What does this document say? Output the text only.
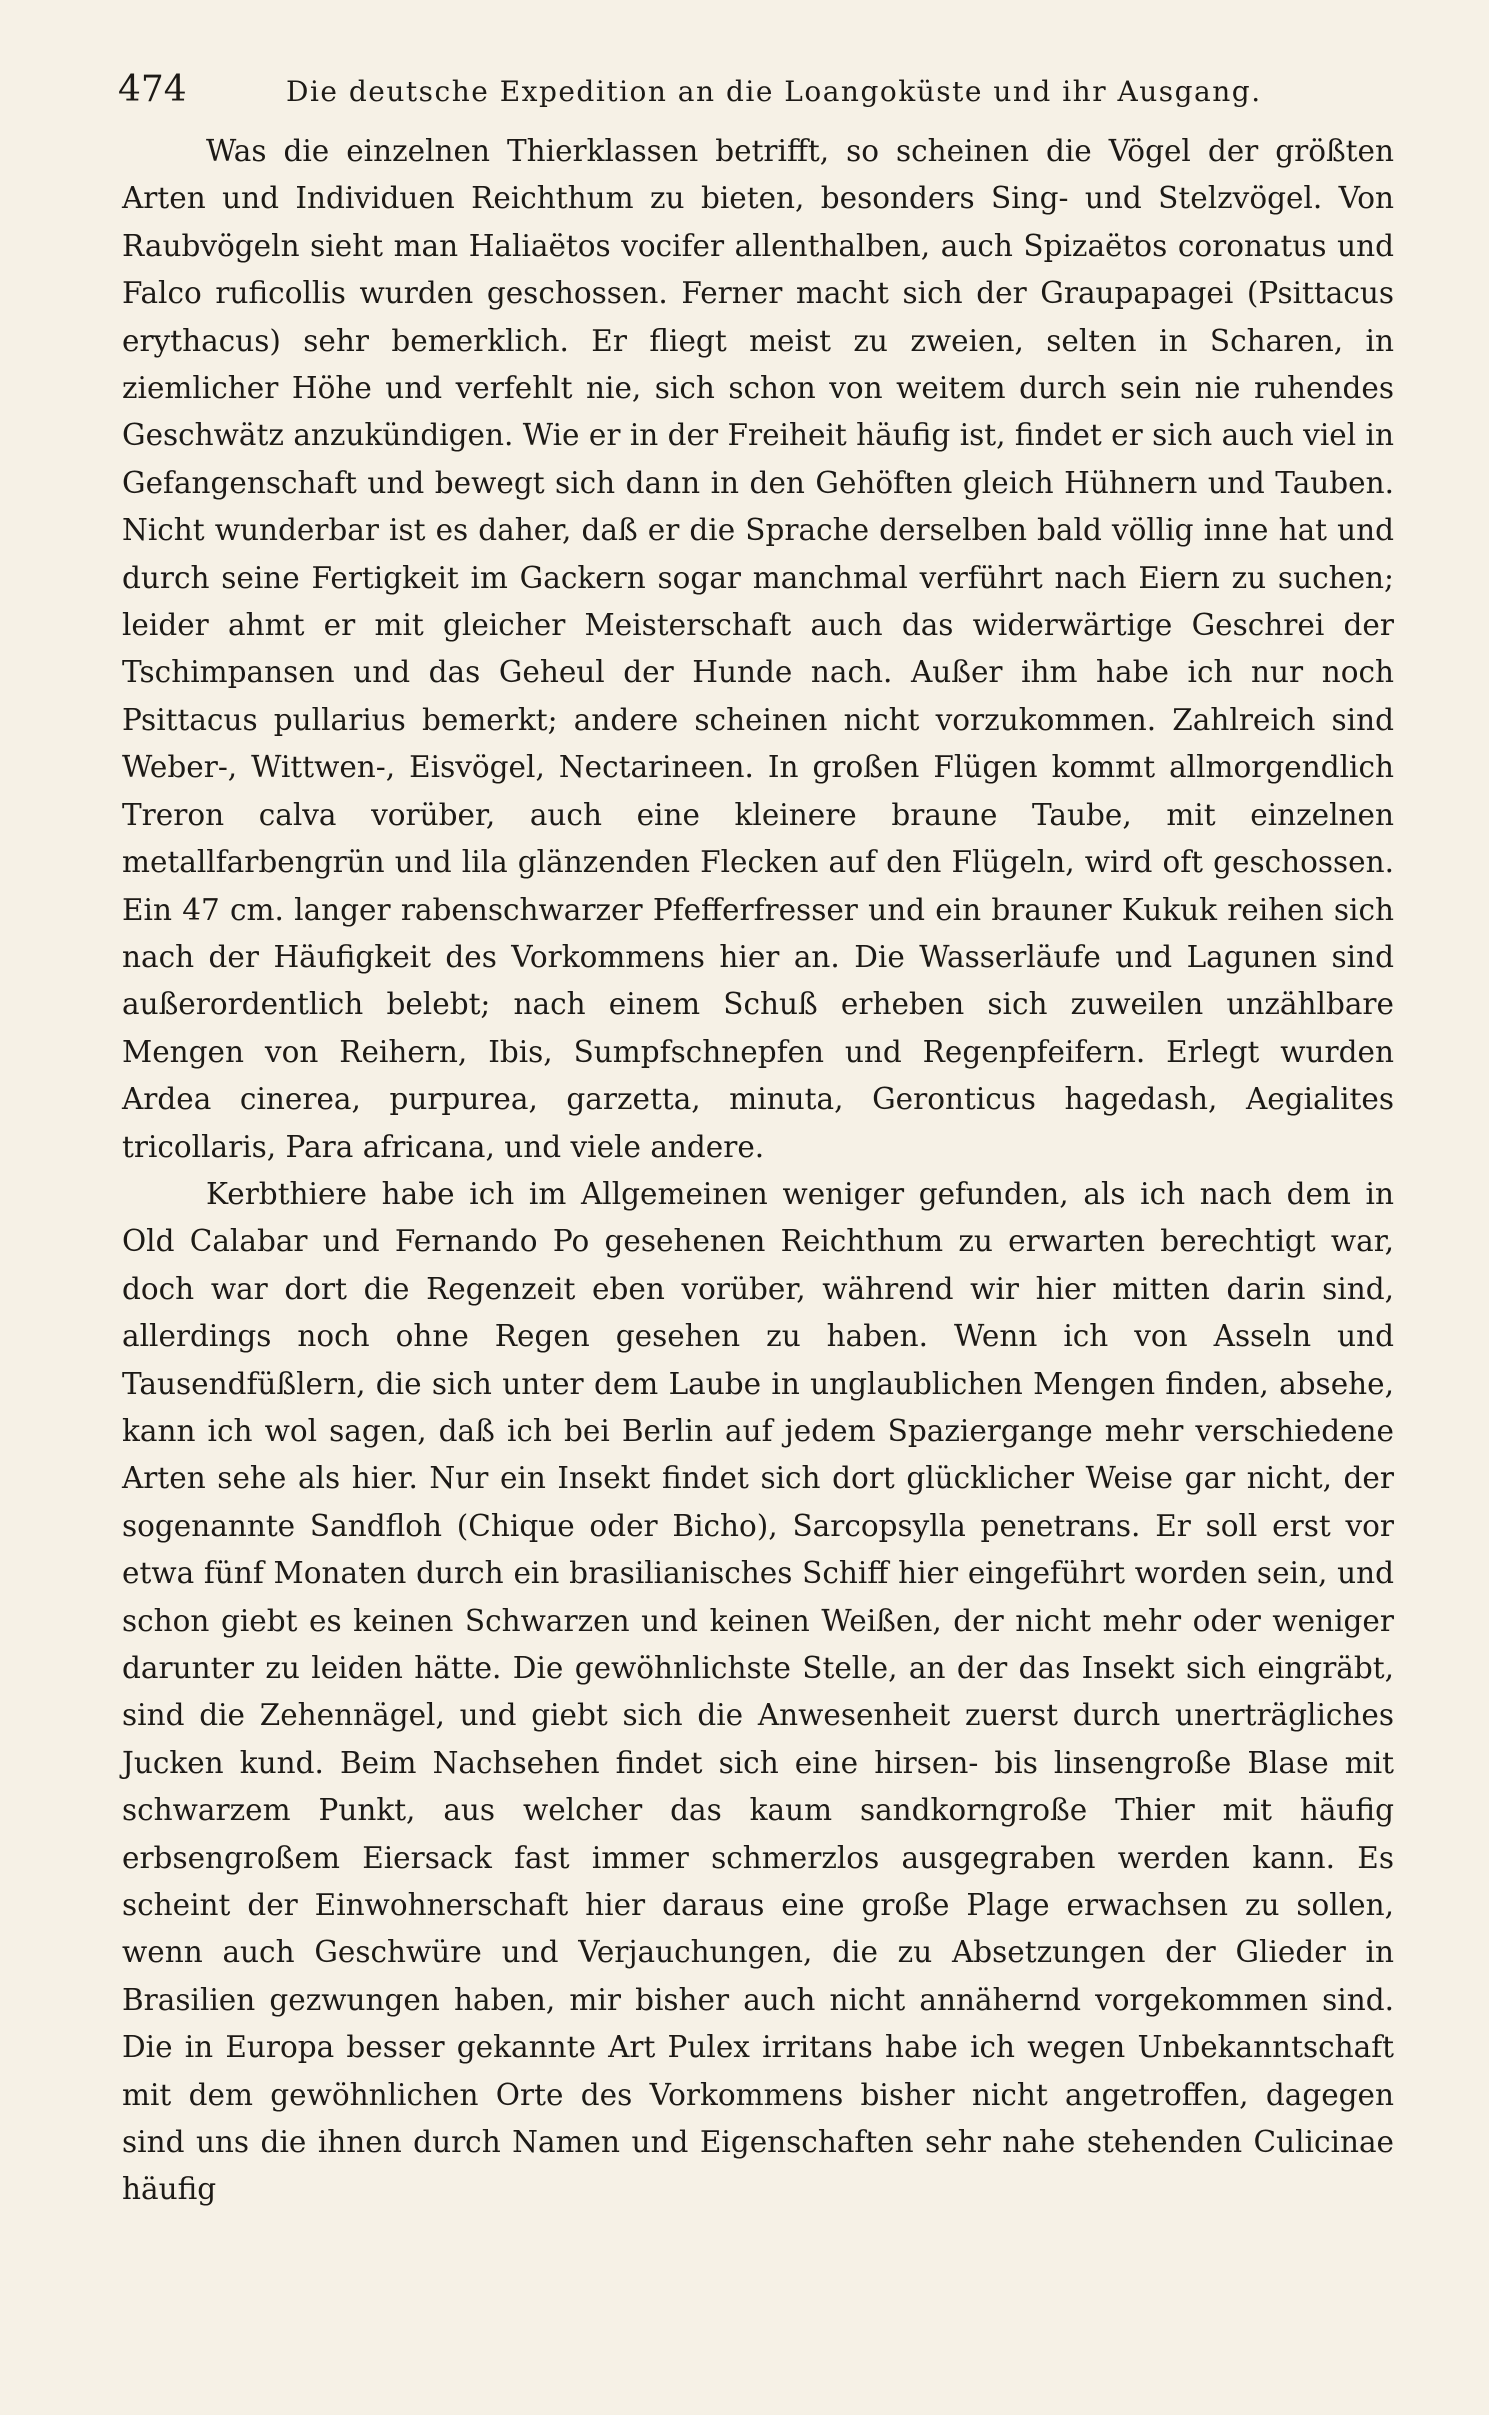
474	Die deutsche Expedition an die Loangoküste und ihr Ausgang.

Was die einzelnen Thierklassen betrifft, so scheinen die Vögel der größten Arten und Individuen Reichthum zu bieten, besonders Sing- und Stelzvögel. Von Raubvögeln sieht man Haliaëtos vocifer allenthalben, auch Spizaëtos coronatus und Falco ruficollis wurden geschossen. Ferner macht sich der Graupapagei (Psittacus erythacus) sehr bemerklich. Er fliegt meist zu zweien, selten in Scharen, in ziemlicher Höhe und verfehlt nie, sich schon von weitem durch sein nie ruhendes Geschwätz anzukündigen. Wie er in der Freiheit häufig ist, findet er sich auch viel in Gefangenschaft und bewegt sich dann in den Gehöften gleich Hühnern und Tauben. Nicht wunderbar ist es daher, daß er die Sprache derselben bald völlig inne hat und durch seine Fertigkeit im Gackern sogar manchmal verführt nach Eiern zu suchen; leider ahmt er mit gleicher Meisterschaft auch das widerwärtige Geschrei der Tschimpansen und das Geheul der Hunde nach. Außer ihm habe ich nur noch Psittacus pullarius bemerkt; andere scheinen nicht vorzukommen. Zahlreich sind Weber-, Wittwen-, Eisvögel, Nectarineen. In großen Flügen kommt allmorgendlich Treron calva vorüber, auch eine kleinere braune Taube, mit einzelnen metallfarbengrün und lila glänzenden Flecken auf den Flügeln, wird oft geschossen. Ein 47 cm. langer rabenschwarzer Pfefferfresser und ein brauner Kukuk reihen sich nach der Häufigkeit des Vorkommens hier an. Die Wasserläufe und Lagunen sind außerordentlich belebt; nach einem Schuß erheben sich zuweilen unzählbare Mengen von Reihern, Ibis, Sumpfschnepfen und Regenpfeifern. Erlegt wurden Ardea cinerea, purpurea, garzetta, minuta, Geronticus hagedash, Aegialites tricollaris, Para africana, und viele andere.

Kerbthiere habe ich im Allgemeinen weniger gefunden, als ich nach dem in Old Calabar und Fernando Po gesehenen Reichthum zu erwarten berechtigt war, doch war dort die Regenzeit eben vorüber, während wir hier mitten darin sind, allerdings noch ohne Regen gesehen zu haben. Wenn ich von Asseln und Tausendfüßlern, die sich unter dem Laube in unglaublichen Mengen finden, absehe, kann ich wol sagen, daß ich bei Berlin auf jedem Spaziergange mehr verschiedene Arten sehe als hier. Nur ein Insekt findet sich dort glücklicher Weise gar nicht, der sogenannte Sandfloh (Chique oder Bicho), Sarcopsylla penetrans. Er soll erst vor etwa fünf Monaten durch ein brasilianisches Schiff hier eingeführt worden sein, und schon giebt es keinen Schwarzen und keinen Weißen, der nicht mehr oder weniger darunter zu leiden hätte. Die gewöhnlichste Stelle, an der das Insekt sich eingräbt, sind die Zehennägel, und giebt sich die Anwesenheit zuerst durch unerträgliches Jucken kund. Beim Nachsehen findet sich eine hirsen- bis linsengroße Blase mit schwarzem Punkt, aus welcher das kaum sandkorngroße Thier mit häufig erbsengroßem Eiersack fast immer schmerzlos ausgegraben werden kann. Es scheint der Einwohnerschaft hier daraus eine große Plage erwachsen zu sollen, wenn auch Geschwüre und Verjauchungen, die zu Absetzungen der Glieder in Brasilien gezwungen haben, mir bisher auch nicht annähernd vorgekommen sind. Die in Europa besser gekannte Art Pulex irritans habe ich wegen Unbekanntschaft mit dem gewöhnlichen Orte des Vorkommens bisher nicht angetroffen, dagegen sind uns die ihnen durch Namen und Eigenschaften sehr nahe stehenden Culicinae häufig
